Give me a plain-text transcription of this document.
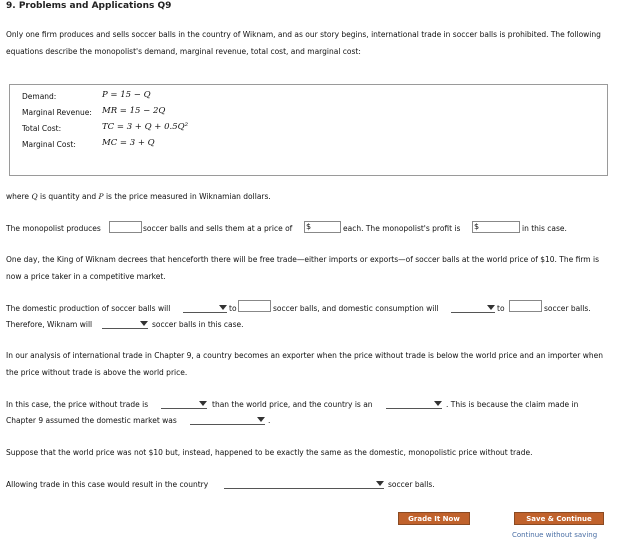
9. Problems and Applications Q9
Only one firm produces and sells soccer balls in the country of Wiknam, and as our story begins, international trade in soccer balls is prohibited. The following equations describe the monopolist's demand, marginal revenue, total cost, and marginal cost:
Demand:	P = 15 − Q
Marginal Revenue: MR = 15 − 2Q
Total Cost:	TC = 3 + Q + 0.5Q²
Marginal Cost:	MC = 3 + Q
where Q is quantity and P is the price measured in Wiknamian dollars.
The monopolist produces	soccer balls and sells them at a price of $	each. The monopolist's profit is $	in this case.
One day, the King of Wiknam decrees that henceforth there will be free trade—either imports or exports—of soccer balls at the world price of $10. The firm is now a price taker in a competitive market.
The domestic production of soccer balls will	to	soccer balls, and domestic consumption will	to	soccer balls.
Therefore, Wiknam will	soccer balls in this case.
In our analysis of international trade in Chapter 9, a country becomes an exporter when the price without trade is below the world price and an importer when the price without trade is above the world price.
In this case, the price without trade is	than the world price, and the country is an	. This is because the claim made in
Chapter 9 assumed the domestic market was	.
Suppose that the world price was not $10 but, instead, happened to be exactly the same as the domestic, monopolistic price without trade.
Allowing trade in this case would result in the country	soccer balls.
Grade It Now	Save & Continue
Continue without saving
